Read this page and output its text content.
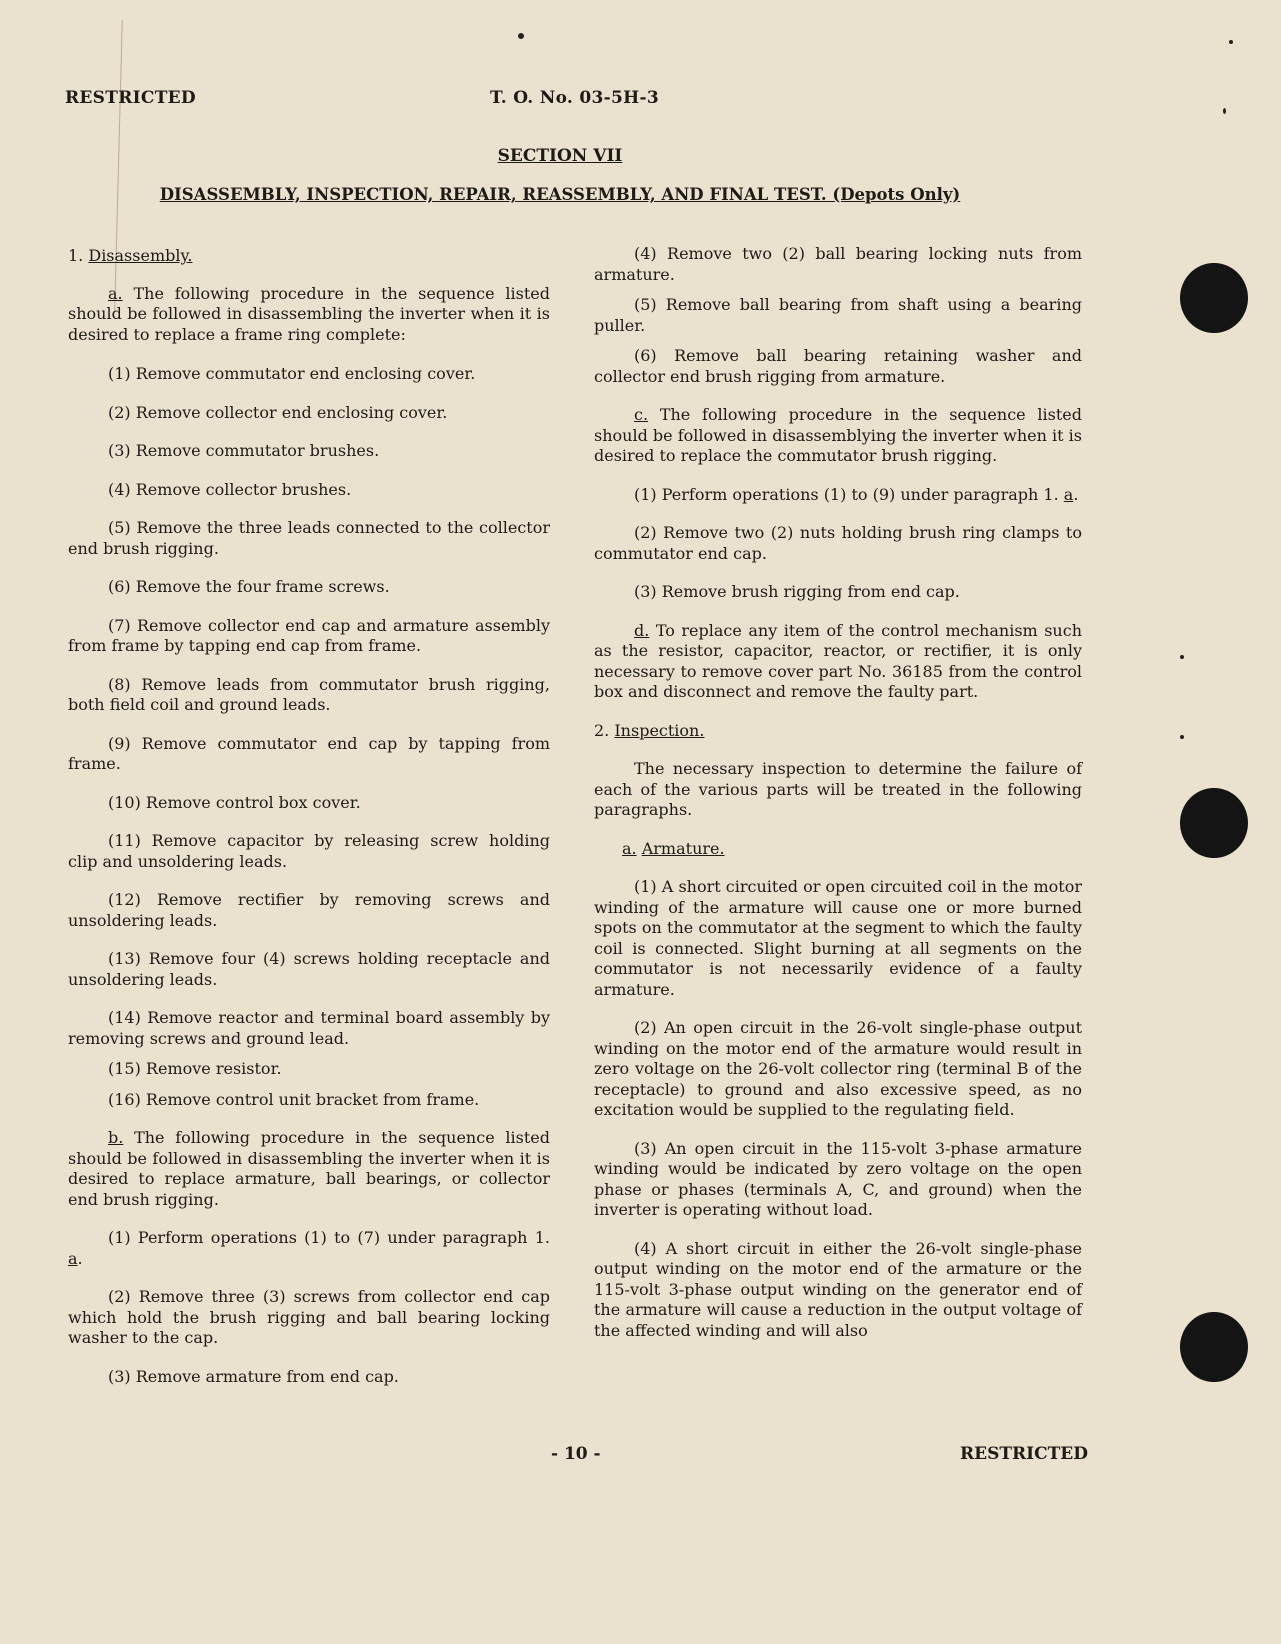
RESTRICTED	T. O. No. 03-5H-3
SECTION VII
DISASSEMBLY, INSPECTION, REPAIR, REASSEMBLY, AND FINAL TEST. (Depots Only)

1. Disassembly.

a. The following procedure in the sequence listed should be followed in disassembling the inverter when it is desired to replace a frame ring complete:

(1) Remove commutator end enclosing cover.

(2) Remove collector end enclosing cover.

(3) Remove commutator brushes.

(4) Remove collector brushes.

(5) Remove the three leads connected to the collector end brush rigging.

(6) Remove the four frame screws.

(7) Remove collector end cap and armature assembly from frame by tapping end cap from frame.

(8) Remove leads from commutator brush rigging, both field coil and ground leads.

(9) Remove commutator end cap by tapping from frame.

(10) Remove control box cover.

(11) Remove capacitor by releasing screw holding clip and unsoldering leads.

(12) Remove rectifier by removing screws and unsoldering leads.

(13) Remove four (4) screws holding receptacle and unsoldering leads.

(14) Remove reactor and terminal board assembly by removing screws and ground lead.

(15) Remove resistor.

(16) Remove control unit bracket from frame.

b. The following procedure in the sequence listed should be followed in disassembling the inverter when it is desired to replace armature, ball bearings, or collector end brush rigging.

(1) Perform operations (1) to (7) under paragraph 1. a.

(2) Remove three (3) screws from collector end cap which hold the brush rigging and ball bearing locking washer to the cap.

(3) Remove armature from end cap.

(4) Remove two (2) ball bearing locking nuts from armature.

(5) Remove ball bearing from shaft using a bearing puller.

(6) Remove ball bearing retaining washer and collector end brush rigging from armature.

c. The following procedure in the sequence listed should be followed in disassemblying the inverter when it is desired to replace the commutator brush rigging.

(1) Perform operations (1) to (9) under paragraph 1. a.

(2) Remove two (2) nuts holding brush ring clamps to commutator end cap.

(3) Remove brush rigging from end cap.

d. To replace any item of the control mechanism such as the resistor, capacitor, reactor, or rectifier, it is only necessary to remove cover part No. 36185 from the control box and disconnect and remove the faulty part.

2. Inspection.

The necessary inspection to determine the failure of each of the various parts will be treated in the following paragraphs.

a. Armature.

(1) A short circuited or open circuited coil in the motor winding of the armature will cause one or more burned spots on the commutator at the segment to which the faulty coil is connected. Slight burning at all segments on the commutator is not necessarily evidence of a faulty armature.

(2) An open circuit in the 26-volt single-phase output winding on the motor end of the armature would result in zero voltage on the 26-volt collector ring (terminal B of the receptacle) to ground and also excessive speed, as no excitation would be supplied to the regulating field.

(3) An open circuit in the 115-volt 3-phase armature winding would be indicated by zero voltage on the open phase or phases (terminals A, C, and ground) when the inverter is operating without load.

(4) A short circuit in either the 26-volt single-phase output winding on the motor end of the armature or the 115-volt 3-phase output winding on the generator end of the armature will cause a reduction in the output voltage of the affected winding and will also

- 10 -	RESTRICTED
